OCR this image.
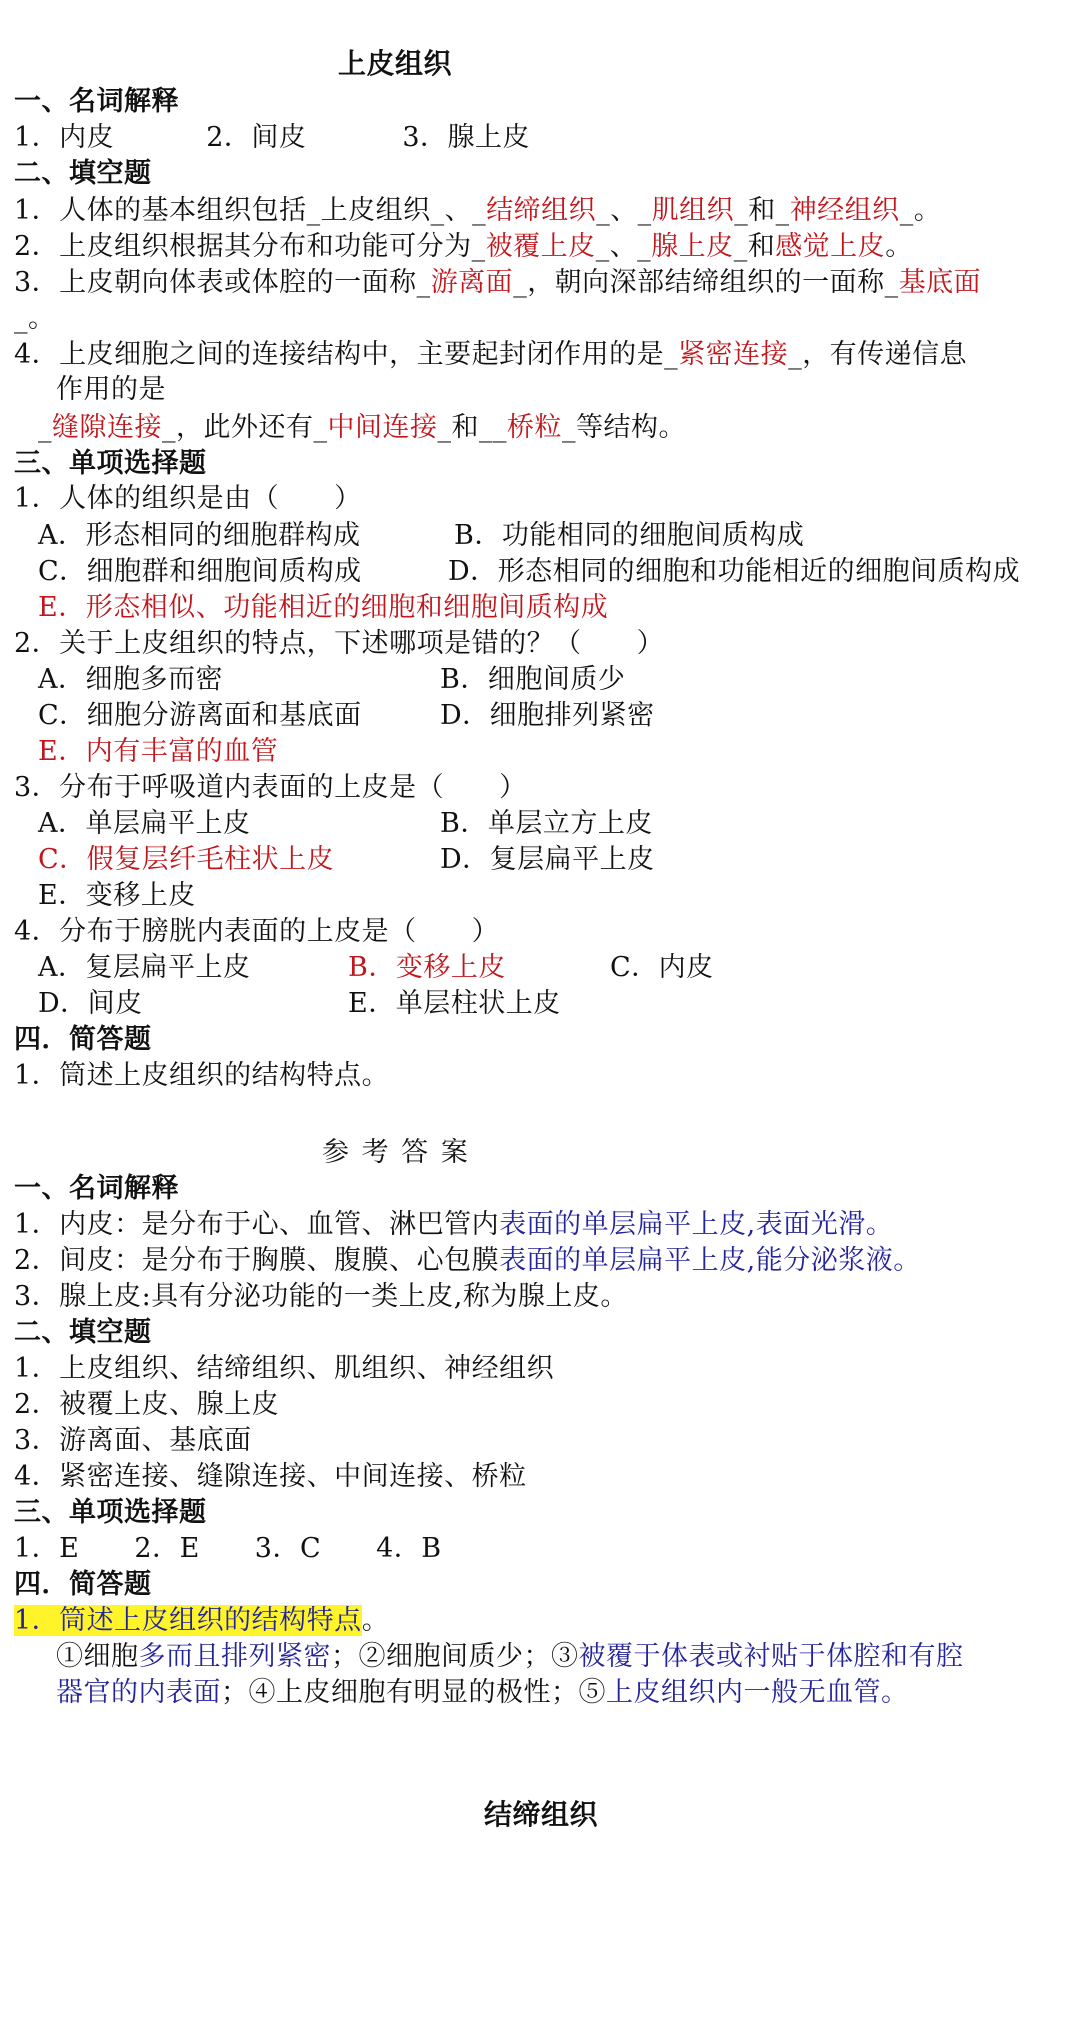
上皮组织
一、名词解释
1．内皮	2．间皮	3．腺上皮
二、填空题
1．人体的基本组织包括_上皮组织_、_结缔组织_、_肌组织_和_神经组织_。
2．上皮组织根据其分布和功能可分为_被覆上皮_、_腺上皮_和感觉上皮。
3．上皮朝向体表或体腔的一面称_游离面_，朝向深部结缔组织的一面称_基底面
_。
4．上皮细胞之间的连接结构中，主要起封闭作用的是_紧密连接_，有传递信息
作用的是
_缝隙连接_，此外还有_中间连接_和__桥粒_等结构。
三、单项选择题
1．人体的组织是由（　　）
A．形态相同的细胞群构成	B．功能相同的细胞间质构成
C．细胞群和细胞间质构成	D．形态相同的细胞和功能相近的细胞间质构成
E．形态相似、功能相近的细胞和细胞间质构成
2．关于上皮组织的特点，下述哪项是错的？（　　）
A．细胞多而密	B．细胞间质少
C．细胞分游离面和基底面	D．细胞排列紧密
E．内有丰富的血管
3．分布于呼吸道内表面的上皮是（　　）
A．单层扁平上皮	B．单层立方上皮
C．假复层纤毛柱状上皮	D．复层扁平上皮
E．变移上皮
4．分布于膀胱内表面的上皮是（　　）
A．复层扁平上皮	B．变移上皮	C．内皮
D．间皮	E．单层柱状上皮
四．简答题
1．筒述上皮组织的结构特点。
参 考 答 案
一、名词解释
1．内皮：是分布于心、血管、淋巴管内表面的单层扁平上皮,表面光滑。
2．间皮：是分布于胸膜、腹膜、心包膜表面的单层扁平上皮,能分泌浆液。
3．腺上皮:具有分泌功能的一类上皮,称为腺上皮。
二、填空题
1．上皮组织、结缔组织、肌组织、神经组织
2．被覆上皮、腺上皮
3．游离面、基底面
4．紧密连接、缝隙连接、中间连接、桥粒
三、单项选择题
1．E　　2．E　　3．C　　4．B
四．简答题
1．筒述上皮组织的结构特点。
①细胞多而且排列紧密；②细胞间质少；③被覆于体表或衬贴于体腔和有腔
器官的内表面；④上皮细胞有明显的极性；⑤上皮组织内一般无血管。
结缔组织
